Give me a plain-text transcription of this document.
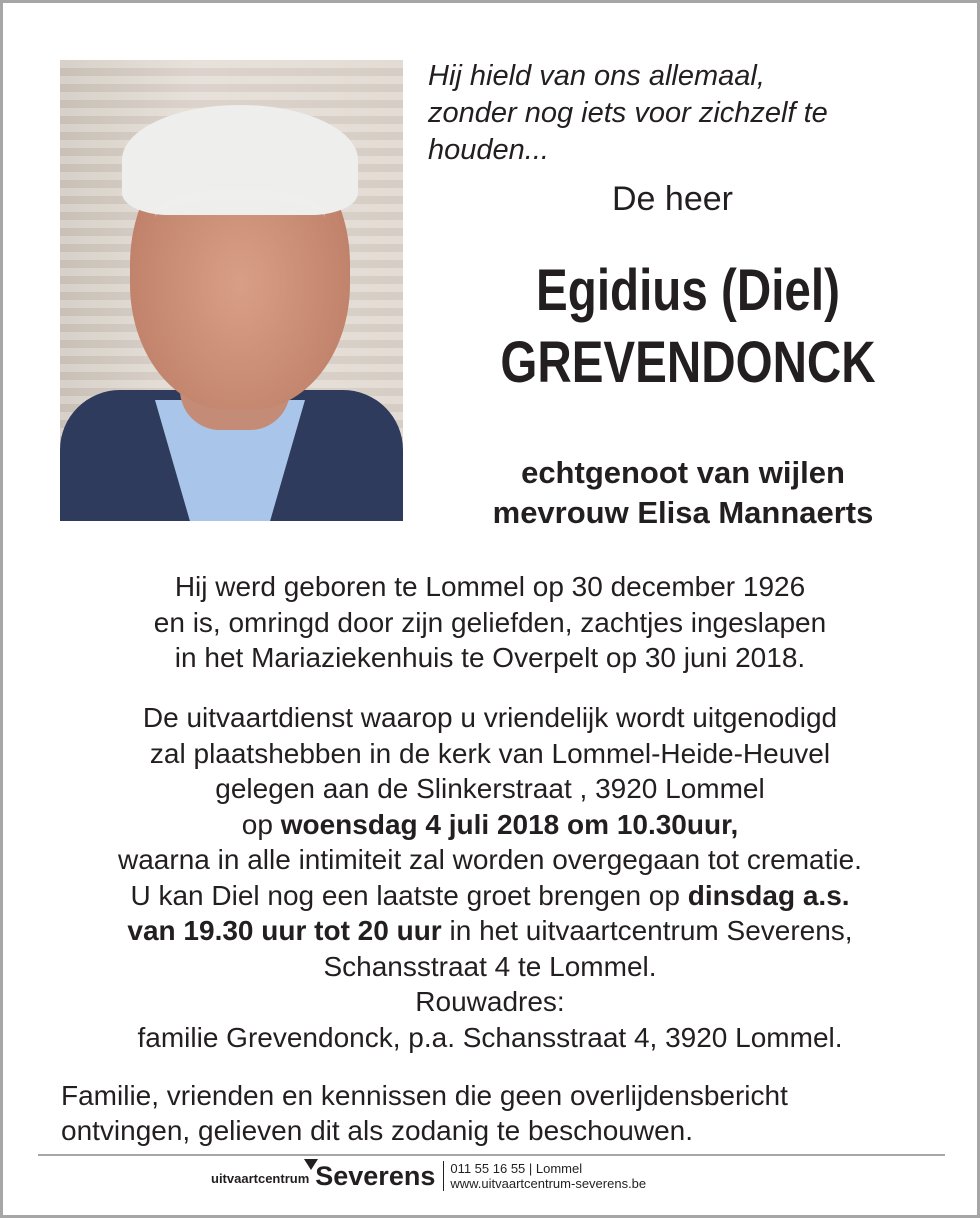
Hij hield van ons allemaal,
zonder nog iets voor zichzelf te
houden...
De heer
Egidius (Diel)
GREVENDONCK
echtgenoot van wijlen
mevrouw Elisa Mannaerts
Hij werd geboren te Lommel op 30 december 1926
en is, omringd door zijn geliefden, zachtjes ingeslapen
in het Mariaziekenhuis te Overpelt op 30 juni 2018.
De uitvaartdienst waarop u vriendelijk wordt uitgenodigd
zal plaatshebben in de kerk van Lommel-Heide-Heuvel
gelegen aan de Slinkerstraat , 3920 Lommel
op woensdag 4 juli 2018 om 10.30uur,
waarna in alle intimiteit zal worden overgegaan tot crematie.
U kan Diel nog een laatste groet brengen op dinsdag a.s.
van 19.30 uur tot 20 uur in het uitvaartcentrum Severens,
Schansstraat 4 te Lommel.
Rouwadres:
familie Grevendonck, p.a. Schansstraat 4, 3920 Lommel.
Familie, vrienden en kennissen die geen overlijdensbericht
ontvingen, gelieven dit als zodanig te beschouwen.
uitvaartcentrum Severens 011 55 16 55 | Lommel
www.uitvaartcentrum-severens.be
